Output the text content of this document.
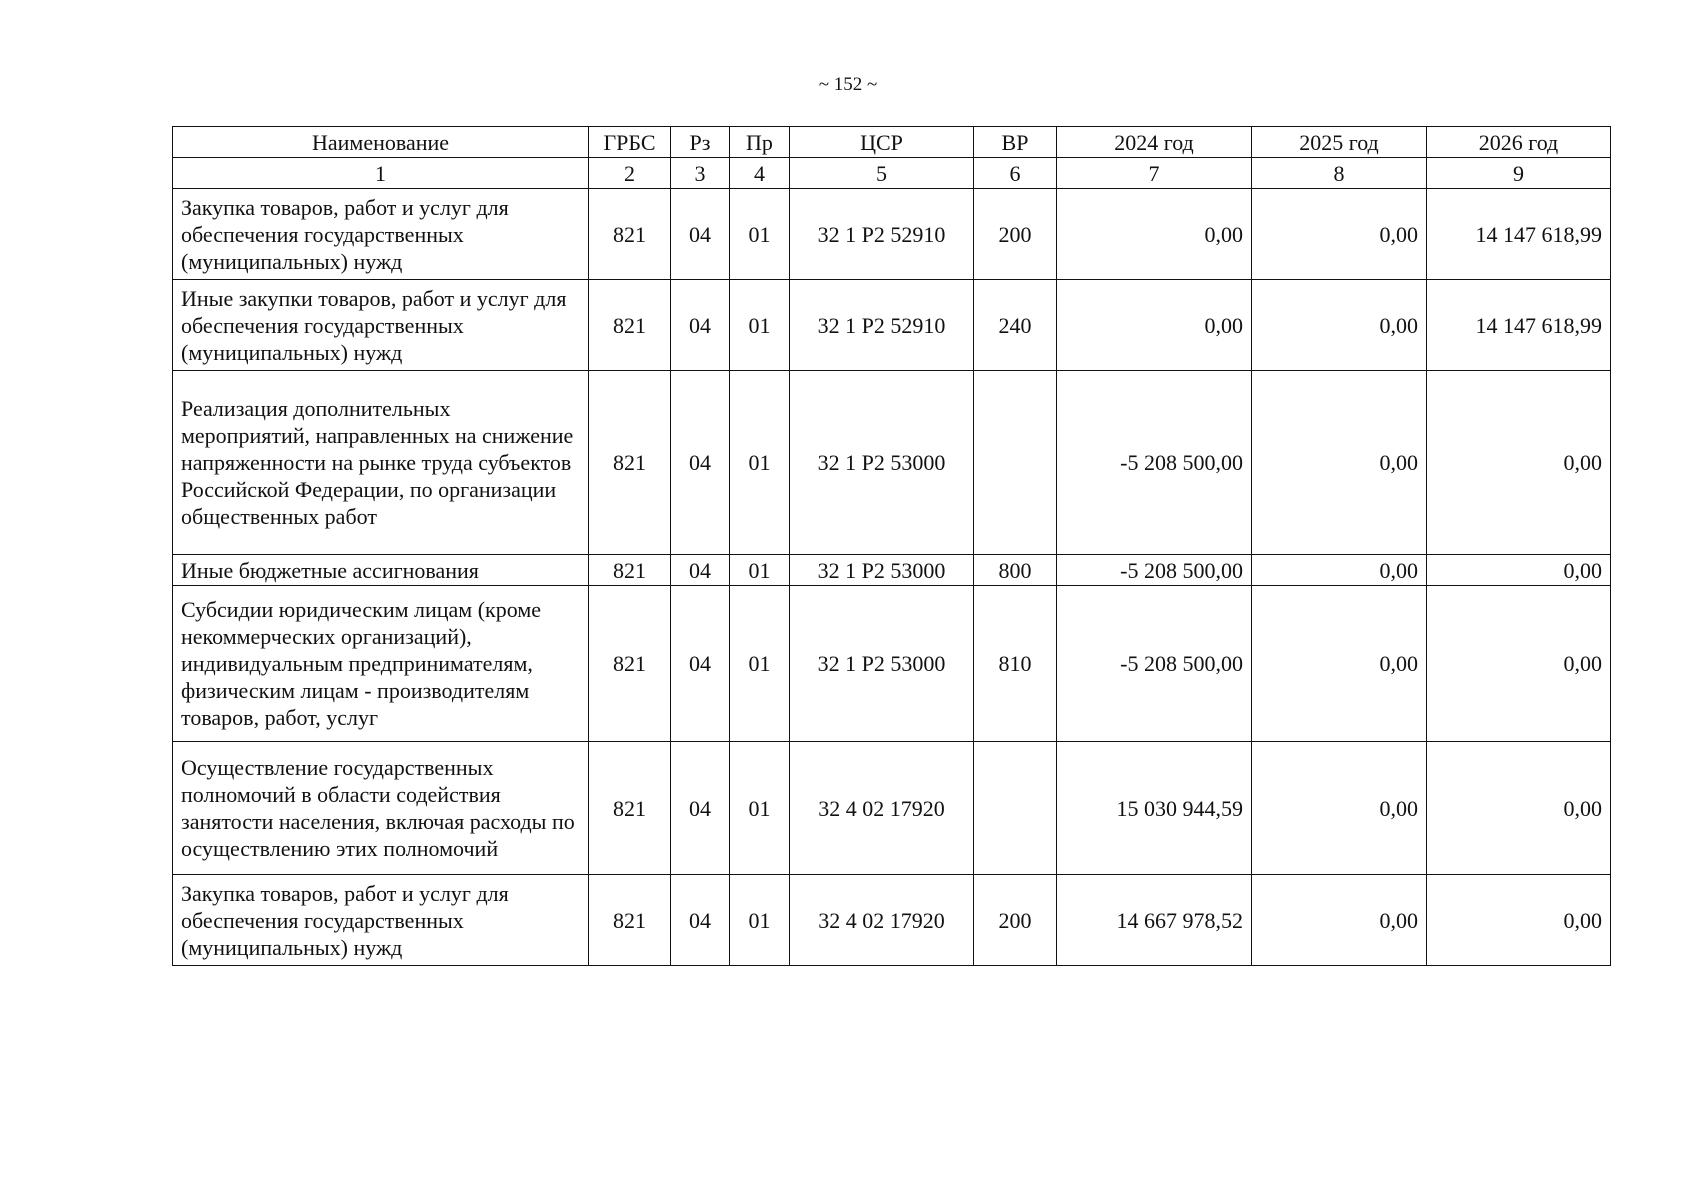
~ 152 ~
Наименование	ГРБС	Рз	Пр	ЦСР	ВР	2024 год	2025 год	2026 год
1	2	3	4	5	6	7	8	9
Закупка товаров, работ и услуг для обеспечения государственных (муниципальных) нужд	821	04	01	32 1 P2 52910	200	0,00	0,00	14 147 618,99
Иные закупки товаров, работ и услуг для обеспечения государственных (муниципальных) нужд	821	04	01	32 1 P2 52910	240	0,00	0,00	14 147 618,99
Реализация дополнительных мероприятий, направленных на снижение напряженности на рынке труда субъектов Российской Федерации, по организации общественных работ	821	04	01	32 1 P2 53000		-5 208 500,00	0,00	0,00
Иные бюджетные ассигнования	821	04	01	32 1 P2 53000	800	-5 208 500,00	0,00	0,00
Субсидии юридическим лицам (кроме некоммерческих организаций), индивидуальным предпринимателям, физическим лицам - производителям товаров, работ, услуг	821	04	01	32 1 P2 53000	810	-5 208 500,00	0,00	0,00
Осуществление государственных полномочий в области содействия занятости населения, включая расходы по осуществлению этих полномочий	821	04	01	32 4 02 17920		15 030 944,59	0,00	0,00
Закупка товаров, работ и услуг для обеспечения государственных (муниципальных) нужд	821	04	01	32 4 02 17920	200	14 667 978,52	0,00	0,00
